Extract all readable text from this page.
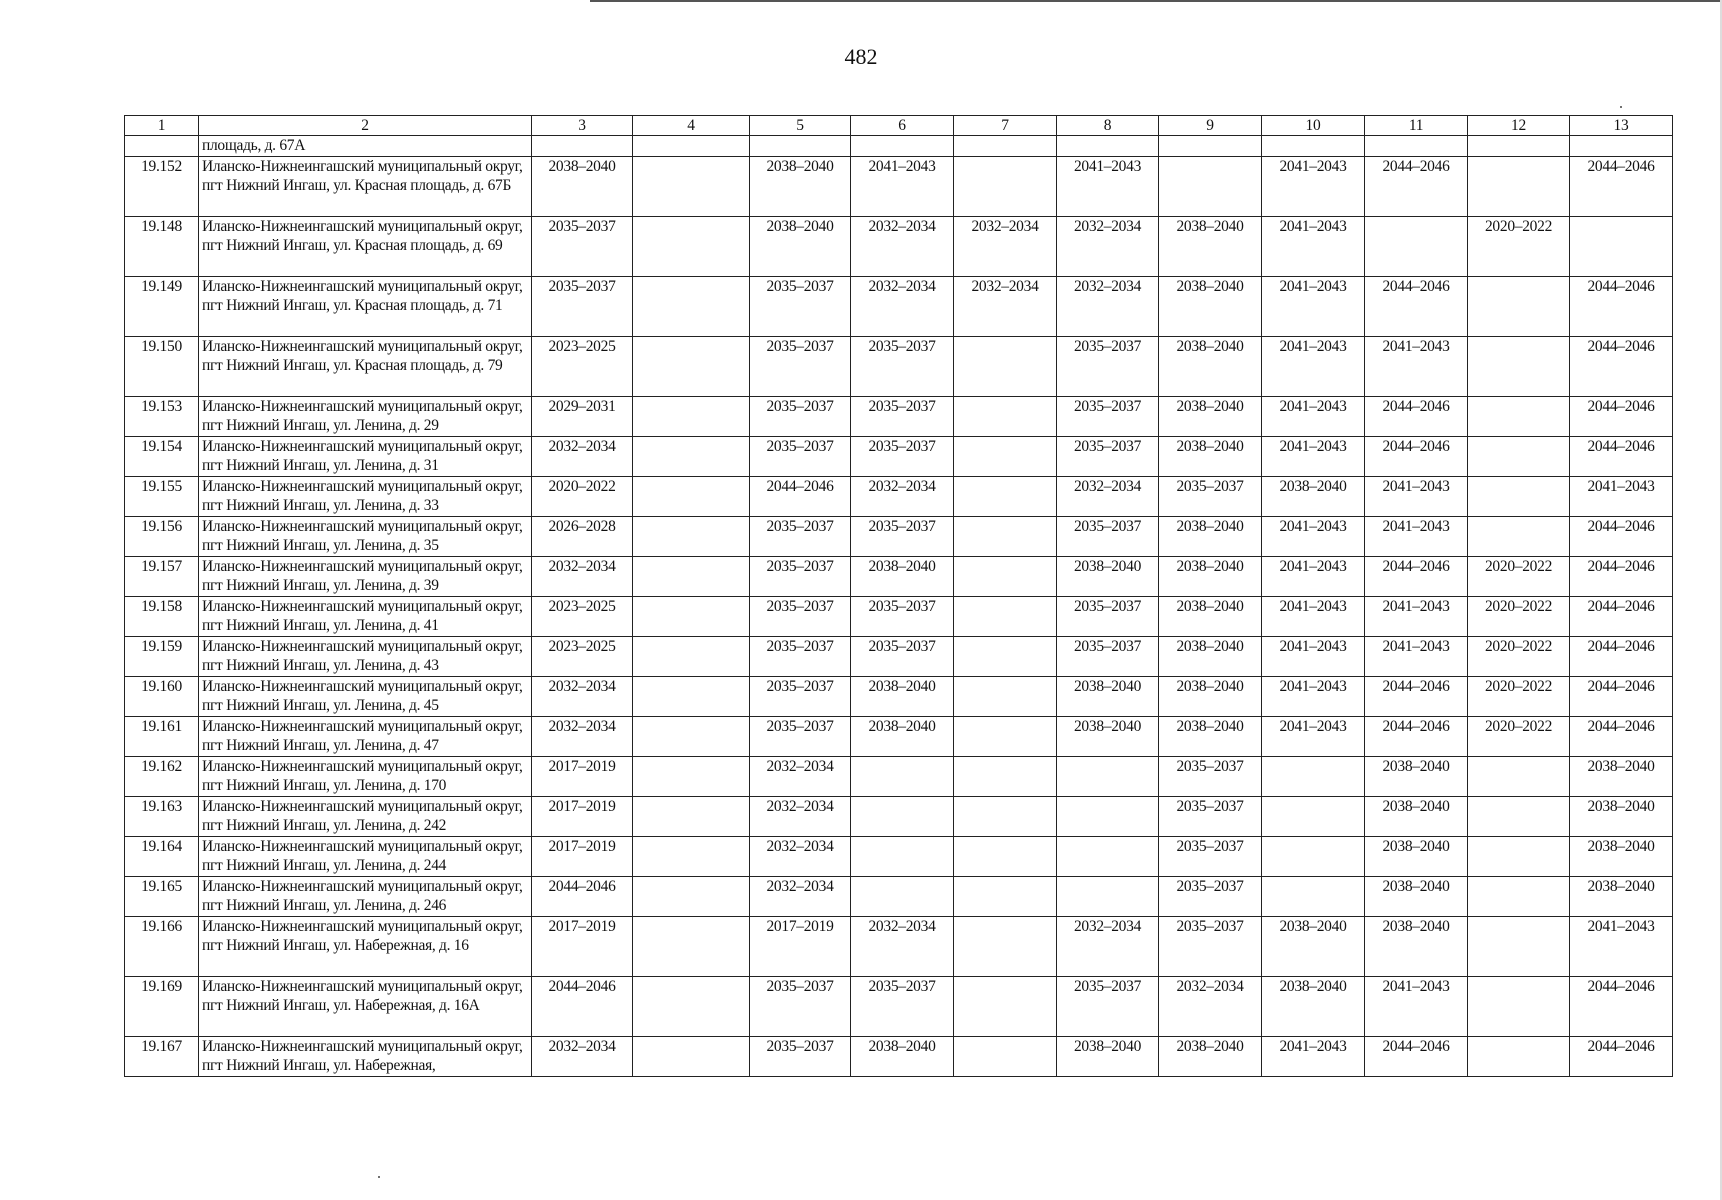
482
1	2	3	4	5	6	7	8	9	10	11	12	13
	площадь, д. 67А											
19.152	Иланско-Нижнеингашский муниципальный округ, пгт Нижний Ингаш, ул. Красная площадь, д. 67Б	2038–2040		2038–2040	2041–2043		2041–2043		2041–2043	2044–2046		2044–2046
19.148	Иланско-Нижнеингашский муниципальный округ, пгт Нижний Ингаш, ул. Красная площадь, д. 69	2035–2037		2038–2040	2032–2034	2032–2034	2032–2034	2038–2040	2041–2043		2020–2022	
19.149	Иланско-Нижнеингашский муниципальный округ, пгт Нижний Ингаш, ул. Красная площадь, д. 71	2035–2037		2035–2037	2032–2034	2032–2034	2032–2034	2038–2040	2041–2043	2044–2046		2044–2046
19.150	Иланско-Нижнеингашский муниципальный округ, пгт Нижний Ингаш, ул. Красная площадь, д. 79	2023–2025		2035–2037	2035–2037		2035–2037	2038–2040	2041–2043	2041–2043		2044–2046
19.153	Иланско-Нижнеингашский муниципальный округ, пгт Нижний Ингаш, ул. Ленина, д. 29	2029–2031		2035–2037	2035–2037		2035–2037	2038–2040	2041–2043	2044–2046		2044–2046
19.154	Иланско-Нижнеингашский муниципальный округ, пгт Нижний Ингаш, ул. Ленина, д. 31	2032–2034		2035–2037	2035–2037		2035–2037	2038–2040	2041–2043	2044–2046		2044–2046
19.155	Иланско-Нижнеингашский муниципальный округ, пгт Нижний Ингаш, ул. Ленина, д. 33	2020–2022		2044–2046	2032–2034		2032–2034	2035–2037	2038–2040	2041–2043		2041–2043
19.156	Иланско-Нижнеингашский муниципальный округ, пгт Нижний Ингаш, ул. Ленина, д. 35	2026–2028		2035–2037	2035–2037		2035–2037	2038–2040	2041–2043	2041–2043		2044–2046
19.157	Иланско-Нижнеингашский муниципальный округ, пгт Нижний Ингаш, ул. Ленина, д. 39	2032–2034		2035–2037	2038–2040		2038–2040	2038–2040	2041–2043	2044–2046	2020–2022	2044–2046
19.158	Иланско-Нижнеингашский муниципальный округ, пгт Нижний Ингаш, ул. Ленина, д. 41	2023–2025		2035–2037	2035–2037		2035–2037	2038–2040	2041–2043	2041–2043	2020–2022	2044–2046
19.159	Иланско-Нижнеингашский муниципальный округ, пгт Нижний Ингаш, ул. Ленина, д. 43	2023–2025		2035–2037	2035–2037		2035–2037	2038–2040	2041–2043	2041–2043	2020–2022	2044–2046
19.160	Иланско-Нижнеингашский муниципальный округ, пгт Нижний Ингаш, ул. Ленина, д. 45	2032–2034		2035–2037	2038–2040		2038–2040	2038–2040	2041–2043	2044–2046	2020–2022	2044–2046
19.161	Иланско-Нижнеингашский муниципальный округ, пгт Нижний Ингаш, ул. Ленина, д. 47	2032–2034		2035–2037	2038–2040		2038–2040	2038–2040	2041–2043	2044–2046	2020–2022	2044–2046
19.162	Иланско-Нижнеингашский муниципальный округ, пгт Нижний Ингаш, ул. Ленина, д. 170	2017–2019		2032–2034				2035–2037		2038–2040		2038–2040
19.163	Иланско-Нижнеингашский муниципальный округ, пгт Нижний Ингаш, ул. Ленина, д. 242	2017–2019		2032–2034				2035–2037		2038–2040		2038–2040
19.164	Иланско-Нижнеингашский муниципальный округ, пгт Нижний Ингаш, ул. Ленина, д. 244	2017–2019		2032–2034				2035–2037		2038–2040		2038–2040
19.165	Иланско-Нижнеингашский муниципальный округ, пгт Нижний Ингаш, ул. Ленина, д. 246	2044–2046		2032–2034				2035–2037		2038–2040		2038–2040
19.166	Иланско-Нижнеингашский муниципальный округ, пгт Нижний Ингаш, ул. Набережная, д. 16	2017–2019		2017–2019	2032–2034		2032–2034	2035–2037	2038–2040	2038–2040		2041–2043
19.169	Иланско-Нижнеингашский муниципальный округ, пгт Нижний Ингаш, ул. Набережная, д. 16А	2044–2046		2035–2037	2035–2037		2035–2037	2032–2034	2038–2040	2041–2043		2044–2046
19.167	Иланско-Нижнеингашский муниципальный округ, пгт Нижний Ингаш, ул. Набережная,	2032–2034		2035–2037	2038–2040		2038–2040	2038–2040	2041–2043	2044–2046		2044–2046
